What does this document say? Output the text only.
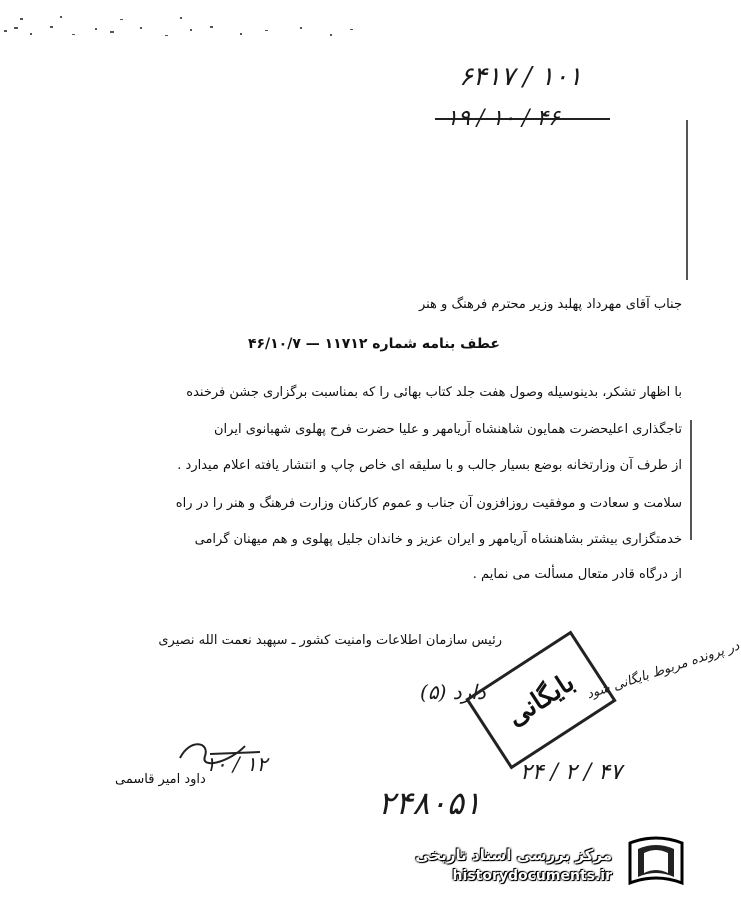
۱۰۱ / ۶۴۱۷
۴۶ / ۱۰ / ۱۹
جناب آقای مهرداد پهلبد وزیر محترم فرهنگ و هنر
عطف بنامه شماره ۱۱۷۱۲ — ۴۶/۱۰/۷
با اظهار تشکر، بدینوسیله وصول هفت جلد کتاب بهائی را که بمناسبت برگزاری جشن فرخنده
تاجگذاری اعلیحضرت همایون شاهنشاه آریامهر و علیا حضرت فرح پهلوی شهبانوی ایران
از طرف آن وزارتخانه بوضع بسیار جالب و با سلیقه ای خاص چاپ و انتشار یافته اعلام میدارد .
سلامت و سعادت و موفقیت روزافزون آن جناب و عموم کارکنان وزارت فرهنگ و هنر را در راه
خدمتگزاری بیشتر بشاهنشاه آریامهر و ایران عزیز و خاندان جلیل پهلوی و هم میهنان گرامی
از درگاه قادر متعال مسألت می نمایم .
رئیس سازمان اطلاعات وامنیت کشور ـ سپهبد نعمت الله نصیری
۱۲ / ۱۰
داود امیر قاسمی
دارد (۵)
۴۷ / ۲ / ۲۴
۲۴۸۰۵۱
در پرونده مربوط بایگانی شود
بایگانی
مرکز بررسی اسناد تاریخی
historydocuments.ir
